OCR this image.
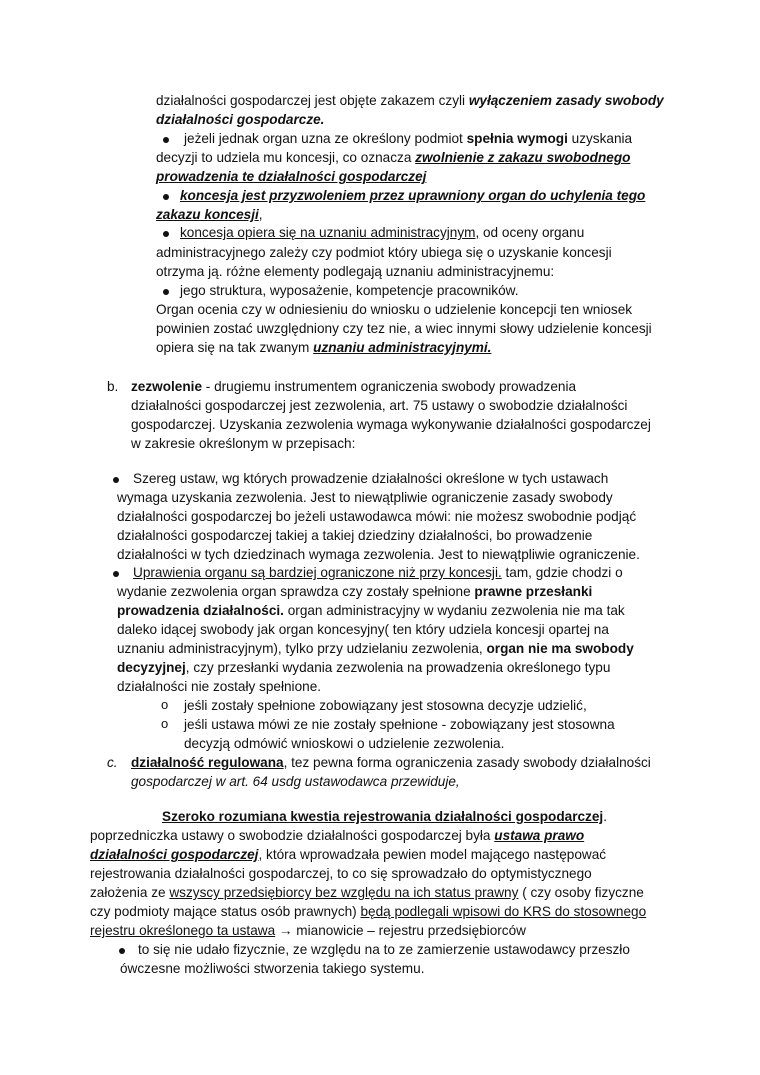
działalności gospodarczej jest objęte zakazem czyli wyłączeniem zasady swobody
działalności gospodarcze.
jeżeli jednak organ uzna ze określony podmiot spełnia wymogi uzyskania
decyzji to udziela mu koncesji, co oznacza zwolnienie z zakazu swobodnego
prowadzenia te działalności gospodarczej
koncesja jest przyzwoleniem przez uprawniony organ do uchylenia tego
zakazu koncesji,
koncesja opiera się na uznaniu administracyjnym, od oceny organu
administracyjnego zależy czy podmiot który ubiega się o uzyskanie koncesji
otrzyma ją. różne elementy podlegają uznaniu administracyjnemu:
jego struktura, wyposażenie, kompetencje pracowników.
Organ ocenia czy w odniesieniu do wniosku o udzielenie koncepcji ten wniosek
powinien zostać uwzględniony czy tez nie, a wiec innymi słowy udzielenie koncesji
opiera się na tak zwanym uznaniu administracyjnymi.
b. zezwolenie - drugiemu instrumentem ograniczenia swobody prowadzenia
działalności gospodarczej jest zezwolenia, art. 75 ustawy o swobodzie działalności
gospodarczej. Uzyskania zezwolenia wymaga wykonywanie działalności gospodarczej
w zakresie określonym w przepisach:
Szereg ustaw, wg których prowadzenie działalności określone w tych ustawach
wymaga uzyskania zezwolenia. Jest to niewątpliwie ograniczenie zasady swobody
działalności gospodarczej bo jeżeli ustawodawca mówi: nie możesz swobodnie podjąć
działalności gospodarczej takiej a takiej dziedziny działalności, bo prowadzenie
działalności w tych dziedzinach wymaga zezwolenia. Jest to niewątpliwie ograniczenie.
Uprawienia organu są bardziej ograniczone niż przy koncesji. tam, gdzie chodzi o
wydanie zezwolenia organ sprawdza czy zostały spełnione prawne przesłanki
prowadzenia działalności. organ administracyjny w wydaniu zezwolenia nie ma tak
daleko idącej swobody jak organ koncesyjny( ten który udziela koncesji opartej na
uznaniu administracyjnym), tylko przy udzielaniu zezwolenia, organ nie ma swobody
decyzyjnej, czy przesłanki wydania zezwolenia na prowadzenia określonego typu
działalności nie zostały spełnione.
o jeśli zostały spełnione zobowiązany jest stosowna decyzje udzielić,
o jeśli ustawa mówi ze nie zostały spełnione - zobowiązany jest stosowna
decyzją odmówić wnioskowi o udzielenie zezwolenia.
c. działalność regulowana, tez pewna forma ograniczenia zasady swobody działalności
gospodarczej w art. 64 usdg ustawodawca przewiduje,
Szeroko rozumiana kwestia rejestrowania działalności gospodarczej.
poprzedniczka ustawy o swobodzie działalności gospodarczej była ustawa prawo
działalności gospodarczej, która wprowadzała pewien model mającego następować
rejestrowania działalności gospodarczej, to co się sprowadzało do optymistycznego
założenia ze wszyscy przedsiębiorcy bez względu na ich status prawny ( czy osoby fizyczne
czy podmioty mające status osób prawnych) będą podlegali wpisowi do KRS do stosownego
rejestru określonego ta ustawa → mianowicie – rejestru przedsiębiorców
to się nie udało fizycznie, ze względu na to ze zamierzenie ustawodawcy przeszło
ówczesne możliwości stworzenia takiego systemu.
